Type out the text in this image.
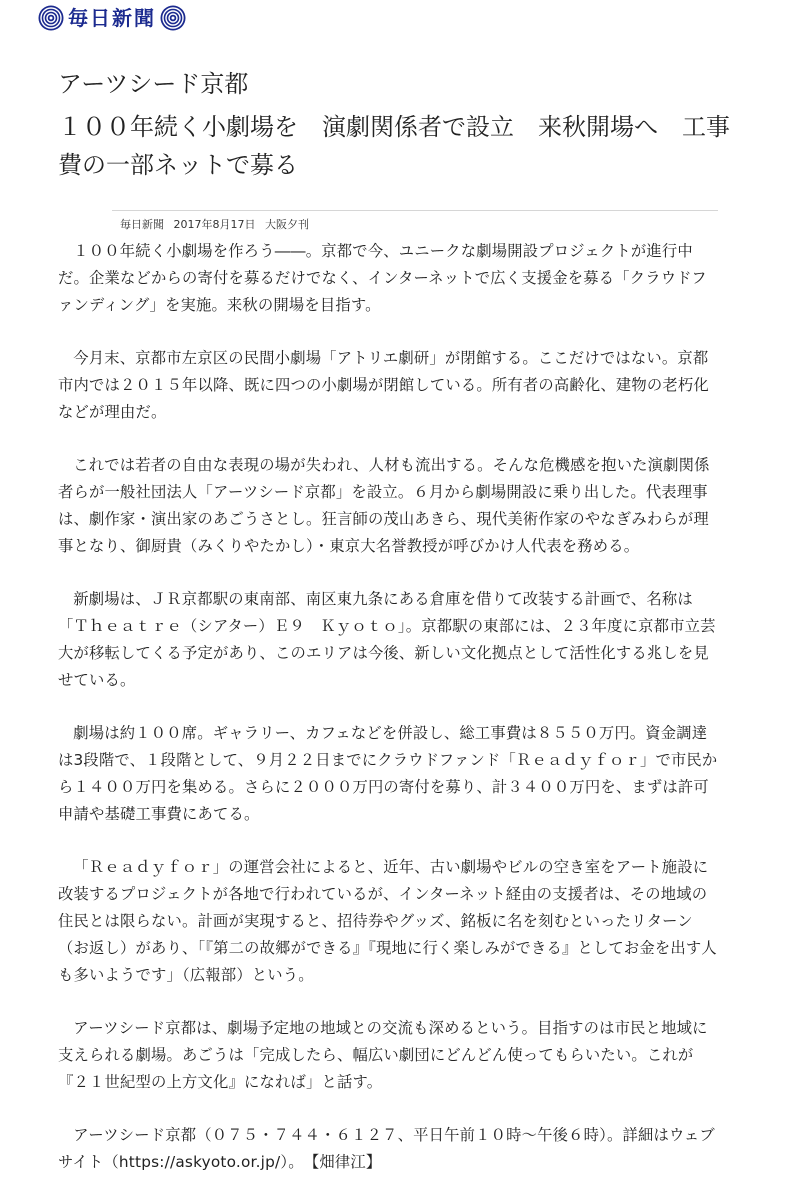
毎日新聞
アーツシード京都
１００年続く小劇場を　演劇関係者で設立　来秋開場へ　工事費の一部ネットで募る
毎日新聞 2017年8月17日 大阪夕刊

１００年続く小劇場を作ろう――。京都で今、ユニークな劇場開設プロジェクトが進行中だ。企業などからの寄付を募るだけでなく、インターネットで広く支援金を募る「クラウドファンディング」を実施。来秋の開場を目指す。

今月末、京都市左京区の民間小劇場「アトリエ劇研」が閉館する。ここだけではない。京都市内では２０１５年以降、既に四つの小劇場が閉館している。所有者の高齢化、建物の老朽化などが理由だ。

これでは若者の自由な表現の場が失われ、人材も流出する。そんな危機感を抱いた演劇関係者らが一般社団法人「アーツシード京都」を設立。６月から劇場開設に乗り出した。代表理事は、劇作家・演出家のあごうさとし。狂言師の茂山あきら、現代美術作家のやなぎみわらが理事となり、御厨貴（みくりやたかし）・東京大名誉教授が呼びかけ人代表を務める。

新劇場は、ＪＲ京都駅の東南部、南区東九条にある倉庫を借りて改装する計画で、名称は「Ｔｈｅａｔｒｅ（シアター）Ｅ９　Ｋｙｏｔｏ」。京都駅の東部には、２３年度に京都市立芸大が移転してくる予定があり、このエリアは今後、新しい文化拠点として活性化する兆しを見せている。

劇場は約１００席。ギャラリー、カフェなどを併設し、総工事費は８５５０万円。資金調達は3段階で、１段階として、９月２２日までにクラウドファンド「Ｒｅａｄｙｆｏｒ」で市民から１４００万円を集める。さらに２０００万円の寄付を募り、計３４００万円を、まずは許可申請や基礎工事費にあてる。

「Ｒｅａｄｙｆｏｒ」の運営会社によると、近年、古い劇場やビルの空き室をアート施設に改装するプロジェクトが各地で行われているが、インターネット経由の支援者は、その地域の住民とは限らない。計画が実現すると、招待券やグッズ、銘板に名を刻むといったリターン（お返し）があり、「『第二の故郷ができる』『現地に行く楽しみができる』としてお金を出す人も多いようです」（広報部）という。

アーツシード京都は、劇場予定地の地域との交流も深めるという。目指すのは市民と地域に支えられる劇場。あごうは「完成したら、幅広い劇団にどんどん使ってもらいたい。これが『２１世紀型の上方文化』になれば」と話す。

アーツシード京都（０７５・７４４・６１２７、平日午前１０時～午後６時）。詳細はウェブサイト（https://askyoto.or.jp/）。　【畑律江】
